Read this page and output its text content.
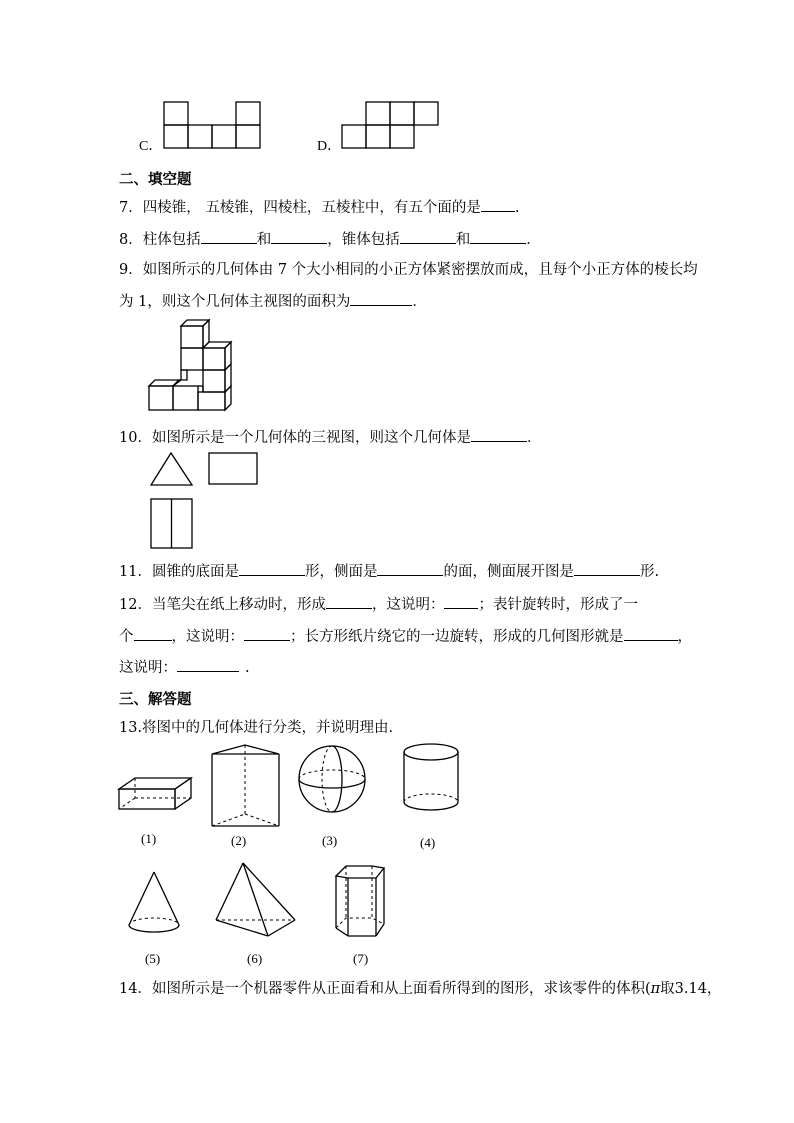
C．	D．
二、填空题
7．四棱锥， 五棱锥，四棱柱，五棱柱中，有五个面的是 .
8．柱体包括	和	，锥体包括	和	．
9．如图所示的几何体由 7 个大小相同的小正方体紧密摆放而成，且每个小正方体的棱长均
为 1，则这个几何体主视图的面积为	．
10．如图所示是一个几何体的三视图，则这个几何体是	．
11．圆锥的底面是	形，侧面是	的面，侧面展开图是	形.
12．当笔尖在纸上移动时，形成	，这说明： ；表针旋转时，形成了一
个	，这说明：	；长方形纸片绕它的一边旋转，形成的几何图形就是	，
这说明：	.
三、解答题
13.将图中的几何体进行分类，并说明理由．
(1)	(2)	(3)	(4)
(5)	(6)	(7)
14．如图所示是一个机器零件从正面看和从上面看所得到的图形，求该零件的体积(π取3.14，
